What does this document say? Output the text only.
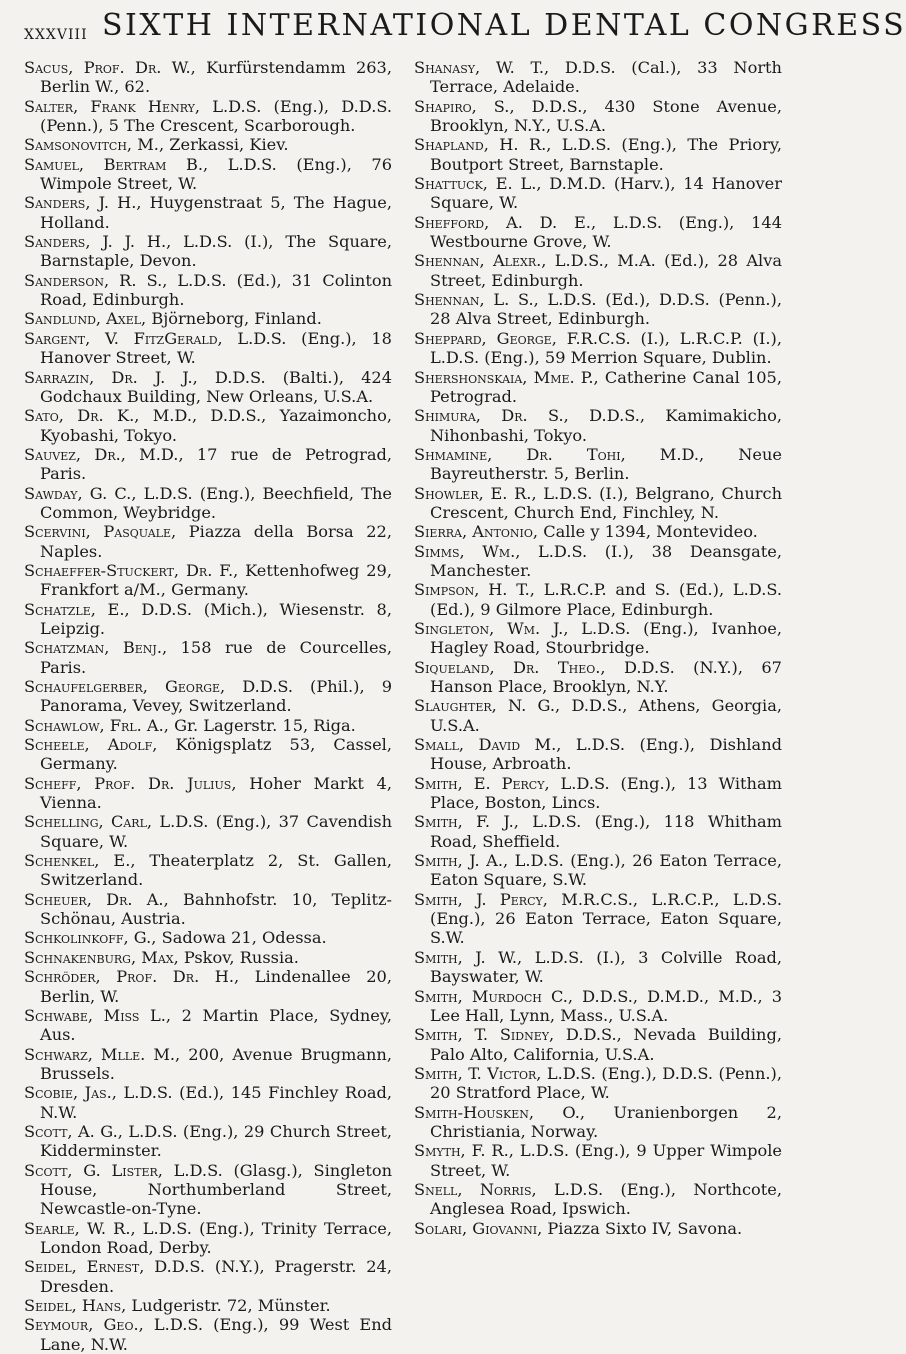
xxxviii SIXTH INTERNATIONAL DENTAL CONGRESS

Sacus, Prof. Dr. W., Kurfürstendamm 263, Berlin W., 62.

Salter, Frank Henry, L.D.S. (Eng.), D.D.S. (Penn.), 5 The Crescent, Scarborough.

Samsonovitch, M., Zerkassi, Kiev.

Samuel, Bertram B., L.D.S. (Eng.), 76 Wimpole Street, W.

Sanders, J. H., Huygenstraat 5, The Hague, Holland.

Sanders, J. J. H., L.D.S. (I.), The Square, Barnstaple, Devon.

Sanderson, R. S., L.D.S. (Ed.), 31 Colinton Road, Edinburgh.

Sandlund, Axel, Björneborg, Finland.

Sargent, V. FitzGerald, L.D.S. (Eng.), 18 Hanover Street, W.

Sarrazin, Dr. J. J., D.D.S. (Balti.), 424 Godchaux Building, New Orleans, U.S.A.

Sato, Dr. K., M.D., D.D.S., Yazaimoncho, Kyobashi, Tokyo.

Sauvez, Dr., M.D., 17 rue de Petrograd, Paris.

Sawday, G. C., L.D.S. (Eng.), Beechfield, The Common, Weybridge.

Scervini, Pasquale, Piazza della Borsa 22, Naples.

Schaeffer-Stuckert, Dr. F., Kettenhofweg 29, Frankfort a/M., Germany.

Schatzle, E., D.D.S. (Mich.), Wiesenstr. 8, Leipzig.

Schatzman, Benj., 158 rue de Courcelles, Paris.

Schaufelgerber, George, D.D.S. (Phil.), 9 Panorama, Vevey, Switzerland.

Schawlow, Frl. A., Gr. Lagerstr. 15, Riga.

Scheele, Adolf, Königsplatz 53, Cassel, Germany.

Scheff, Prof. Dr. Julius, Hoher Markt 4, Vienna.

Schelling, Carl, L.D.S. (Eng.), 37 Cavendish Square, W.

Schenkel, E., Theaterplatz 2, St. Gallen, Switzerland.

Scheuer, Dr. A., Bahnhofstr. 10, Teplitz-Schönau, Austria.

Schkolinkoff, G., Sadowa 21, Odessa.

Schnakenburg, Max, Pskov, Russia.

Schröder, Prof. Dr. H., Lindenallee 20, Berlin, W.

Schwabe, Miss L., 2 Martin Place, Sydney, Aus.

Schwarz, Mlle. M., 200, Avenue Brugmann, Brussels.

Scobie, Jas., L.D.S. (Ed.), 145 Finchley Road, N.W.

Scott, A. G., L.D.S. (Eng.), 29 Church Street, Kidderminster.

Scott, G. Lister, L.D.S. (Glasg.), Singleton House, Northumberland Street, Newcastle-on-Tyne.

Searle, W. R., L.D.S. (Eng.), Trinity Terrace, London Road, Derby.

Seidel, Ernest, D.D.S. (N.Y.), Pragerstr. 24, Dresden.

Seidel, Hans, Ludgeristr. 72, Münster.

Seymour, Geo., L.D.S. (Eng.), 99 West End Lane, N.W.

Shanasy, W. T., D.D.S. (Cal.), 33 North Terrace, Adelaide.

Shapiro, S., D.D.S., 430 Stone Avenue, Brooklyn, N.Y., U.S.A.

Shapland, H. R., L.D.S. (Eng.), The Priory, Boutport Street, Barnstaple.

Shattuck, E. L., D.M.D. (Harv.), 14 Hanover Square, W.

Shefford, A. D. E., L.D.S. (Eng.), 144 Westbourne Grove, W.

Shennan, Alexr., L.D.S., M.A. (Ed.), 28 Alva Street, Edinburgh.

Shennan, L. S., L.D.S. (Ed.), D.D.S. (Penn.), 28 Alva Street, Edinburgh.

Sheppard, George, F.R.C.S. (I.), L.R.C.P. (I.), L.D.S. (Eng.), 59 Merrion Square, Dublin.

Shershonskaia, Mme. P., Catherine Canal 105, Petrograd.

Shimura, Dr. S., D.D.S., Kamimakicho, Nihonbashi, Tokyo.

Shmamine, Dr. Tohi, M.D., Neue Bayreutherstr. 5, Berlin.

Showler, E. R., L.D.S. (I.), Belgrano, Church Crescent, Church End, Finchley, N.

Sierra, Antonio, Calle y 1394, Montevideo.

Simms, Wm., L.D.S. (I.), 38 Deansgate, Manchester.

Simpson, H. T., L.R.C.P. and S. (Ed.), L.D.S. (Ed.), 9 Gilmore Place, Edinburgh.

Singleton, Wm. J., L.D.S. (Eng.), Ivanhoe, Hagley Road, Stourbridge.

Siqueland, Dr. Theo., D.D.S. (N.Y.), 67 Hanson Place, Brooklyn, N.Y.

Slaughter, N. G., D.D.S., Athens, Georgia, U.S.A.

Small, David M., L.D.S. (Eng.), Dishland House, Arbroath.

Smith, E. Percy, L.D.S. (Eng.), 13 Witham Place, Boston, Lincs.

Smith, F. J., L.D.S. (Eng.), 118 Whitham Road, Sheffield.

Smith, J. A., L.D.S. (Eng.), 26 Eaton Terrace, Eaton Square, S.W.

Smith, J. Percy, M.R.C.S., L.R.C.P., L.D.S. (Eng.), 26 Eaton Terrace, Eaton Square, S.W.

Smith, J. W., L.D.S. (I.), 3 Colville Road, Bayswater, W.

Smith, Murdoch C., D.D.S., D.M.D., M.D., 3 Lee Hall, Lynn, Mass., U.S.A.

Smith, T. Sidney, D.D.S., Nevada Building, Palo Alto, California, U.S.A.

Smith, T. Victor, L.D.S. (Eng.), D.D.S. (Penn.), 20 Stratford Place, W.

Smith-Housken, O., Uranienborgen 2, Christiania, Norway.

Smyth, F. R., L.D.S. (Eng.), 9 Upper Wimpole Street, W.

Snell, Norris, L.D.S. (Eng.), Northcote, Anglesea Road, Ipswich.

Solari, Giovanni, Piazza Sixto IV, Savona.
